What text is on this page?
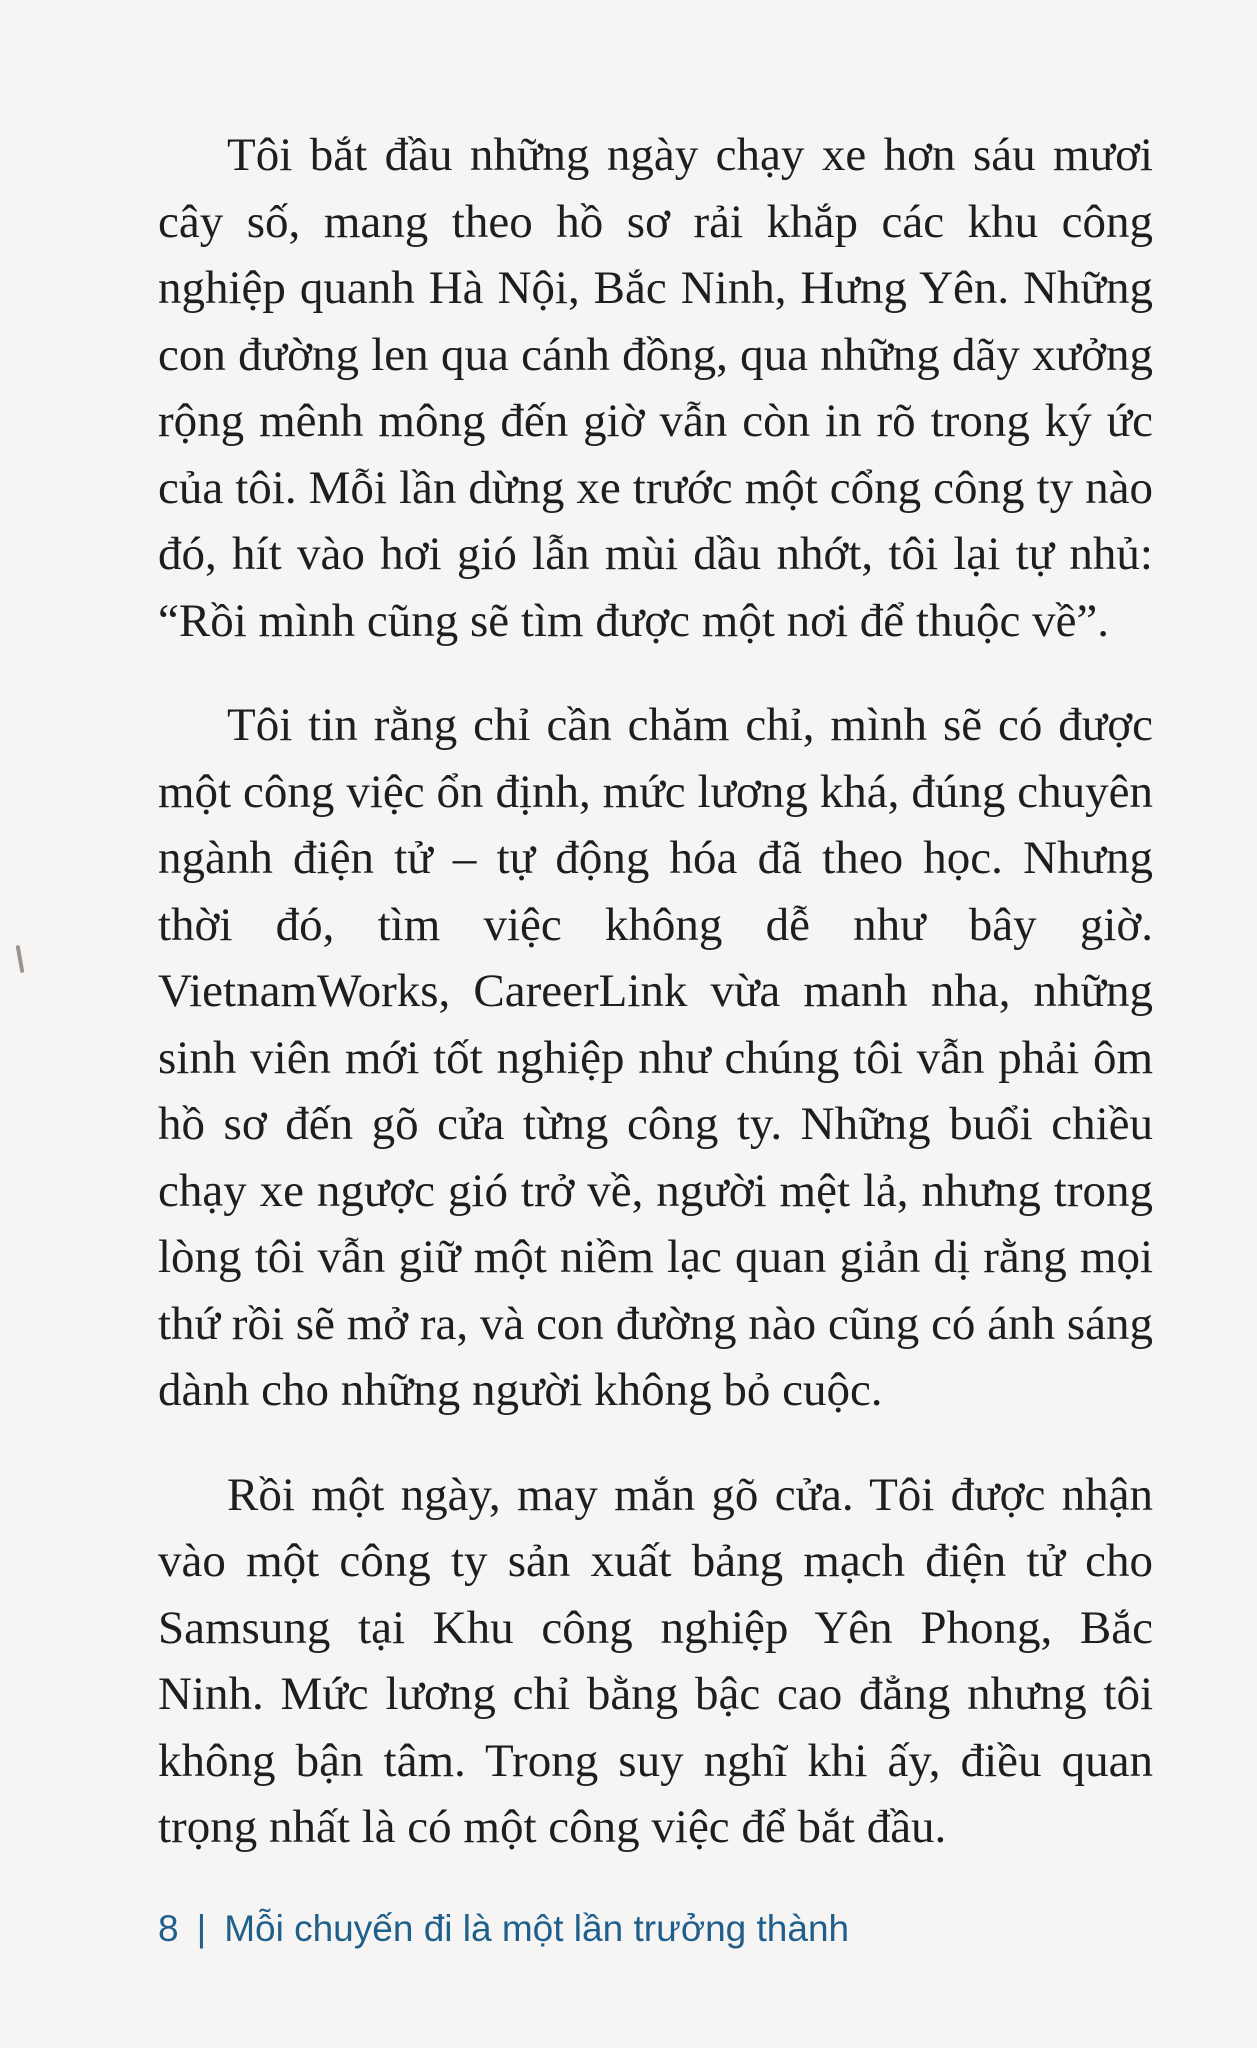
Tôi bắt đầu những ngày chạy xe hơn sáu mươi cây số, mang theo hồ sơ rải khắp các khu công nghiệp quanh Hà Nội, Bắc Ninh, Hưng Yên. Những con đường len qua cánh đồng, qua những dãy xưởng rộng mênh mông đến giờ vẫn còn in rõ trong ký ức của tôi. Mỗi lần dừng xe trước một cổng công ty nào đó, hít vào hơi gió lẫn mùi dầu nhớt, tôi lại tự nhủ: “Rồi mình cũng sẽ tìm được một nơi để thuộc về”.

Tôi tin rằng chỉ cần chăm chỉ, mình sẽ có được một công việc ổn định, mức lương khá, đúng chuyên ngành điện tử – tự động hóa đã theo học. Nhưng thời đó, tìm việc không dễ như bây giờ. VietnamWorks, CareerLink vừa manh nha, những sinh viên mới tốt nghiệp như chúng tôi vẫn phải ôm hồ sơ đến gõ cửa từng công ty. Những buổi chiều chạy xe ngược gió trở về, người mệt lả, nhưng trong lòng tôi vẫn giữ một niềm lạc quan giản dị rằng mọi thứ rồi sẽ mở ra, và con đường nào cũng có ánh sáng dành cho những người không bỏ cuộc.

Rồi một ngày, may mắn gõ cửa. Tôi được nhận vào một công ty sản xuất bảng mạch điện tử cho Samsung tại Khu công nghiệp Yên Phong, Bắc Ninh. Mức lương chỉ bằng bậc cao đẳng nhưng tôi không bận tâm. Trong suy nghĩ khi ấy, điều quan trọng nhất là có một công việc để bắt đầu.

8 | Mỗi chuyến đi là một lần trưởng thành
